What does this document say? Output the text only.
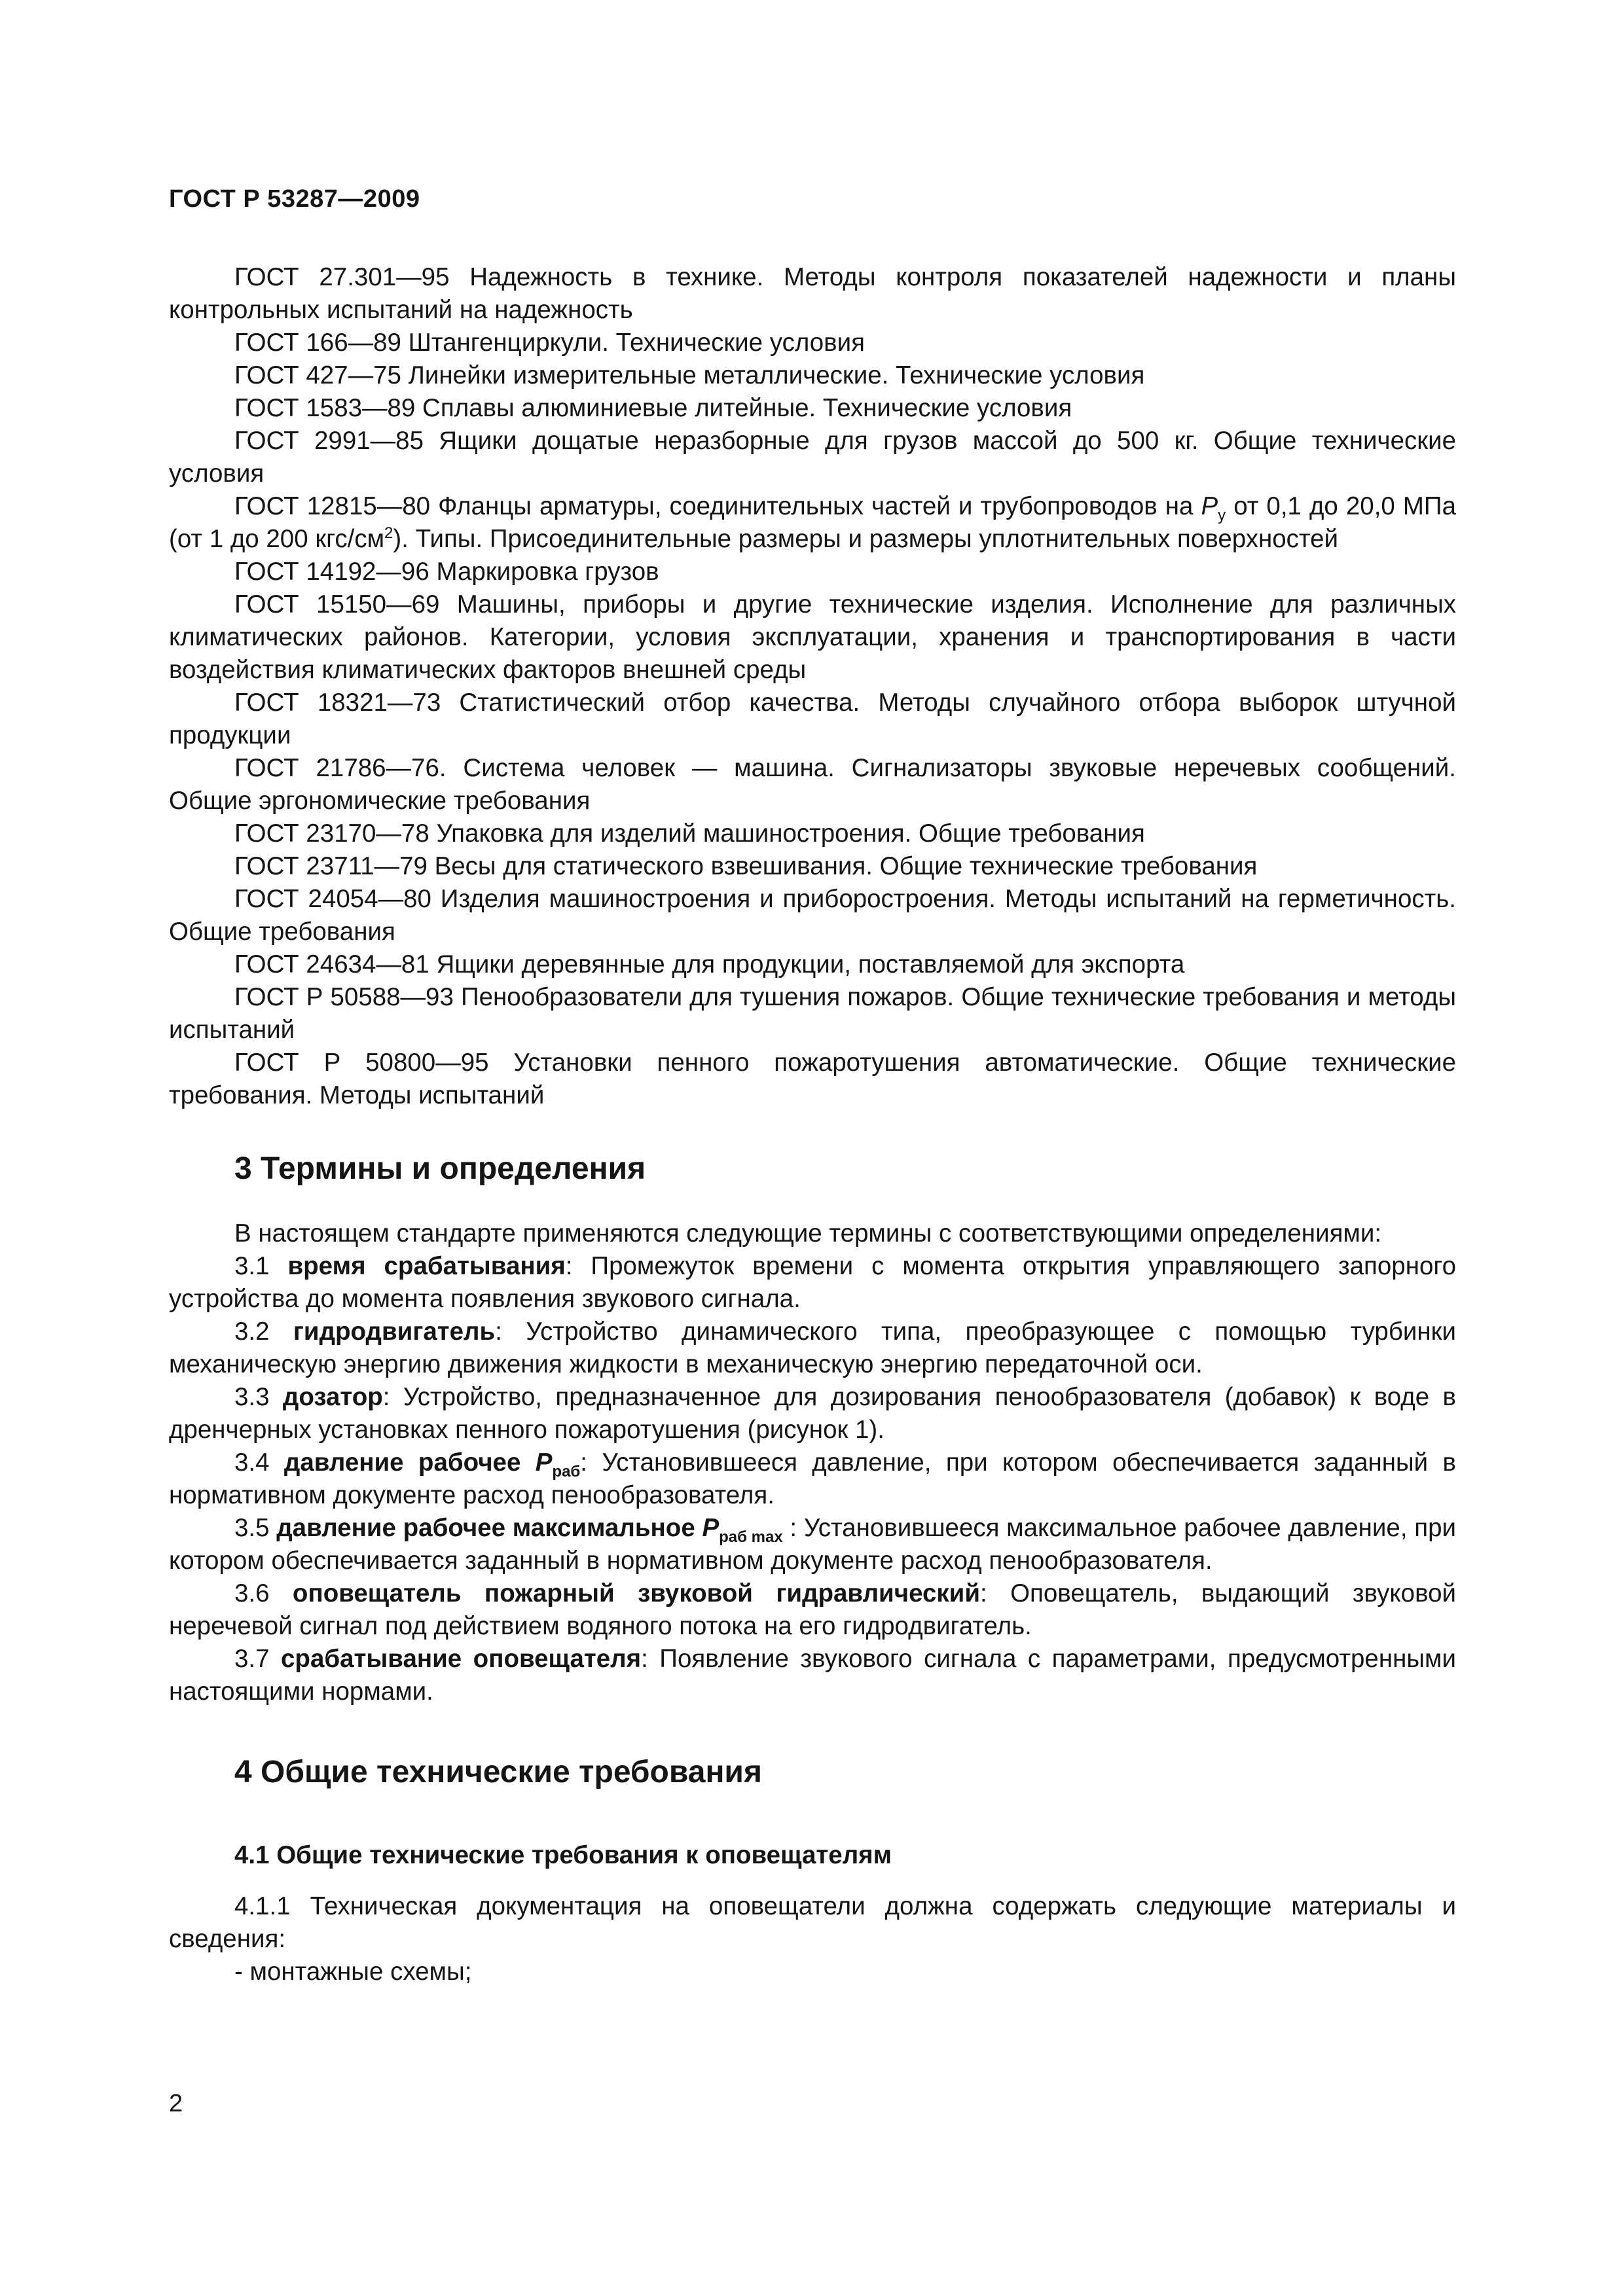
ГОСТ Р 53287—2009

ГОСТ 27.301—95 Надежность в технике. Методы контроля показателей надежности и планы контрольных испытаний на надежность

ГОСТ 166—89 Штангенциркули. Технические условия

ГОСТ 427—75 Линейки измерительные металлические. Технические условия

ГОСТ 1583—89 Сплавы алюминиевые литейные. Технические условия

ГОСТ 2991—85 Ящики дощатые неразборные для грузов массой до 500 кг. Общие технические условия

ГОСТ 12815—80 Фланцы арматуры, соединительных частей и трубопроводов на $P_у$ от 0,1 до 20,0 МПа (от 1 до 200 кгс/$см^2$). Типы. Присоединительные размеры и размеры уплотнительных поверхностей

ГОСТ 14192—96 Маркировка грузов

ГОСТ 15150—69 Машины, приборы и другие технические изделия. Исполнение для различных климатических районов. Категории, условия эксплуатации, хранения и транспортирования в части воздействия климатических факторов внешней среды

ГОСТ 18321—73 Статистический отбор качества. Методы случайного отбора выборок штучной продукции

ГОСТ 21786—76. Система человек — машина. Сигнализаторы звуковые неречевых сообщений. Общие эргономические требования

ГОСТ 23170—78 Упаковка для изделий машиностроения. Общие требования

ГОСТ 23711—79 Весы для статического взвешивания. Общие технические требования

ГОСТ 24054—80 Изделия машиностроения и приборостроения. Методы испытаний на герметичность. Общие требования

ГОСТ 24634—81 Ящики деревянные для продукции, поставляемой для экспорта

ГОСТ Р 50588—93 Пенообразователи для тушения пожаров. Общие технические требования и методы испытаний

ГОСТ Р 50800—95 Установки пенного пожаротушения автоматические. Общие технические требования. Методы испытаний

3 Термины и определения

В настоящем стандарте применяются следующие термины с соответствующими определениями:

3.1 время срабатывания: Промежуток времени с момента открытия управляющего запорного устройства до момента появления звукового сигнала.

3.2 гидродвигатель: Устройство динамического типа, преобразующее с помощью турбинки механическую энергию движения жидкости в механическую энергию передаточной оси.

3.3 дозатор: Устройство, предназначенное для дозирования пенообразователя (добавок) к воде в дренчерных установках пенного пожаротушения (рисунок 1).

3.4 давление рабочее $P_{раб}$: Установившееся давление, при котором обеспечивается заданный в нормативном документе расход пенообразователя.

3.5 давление рабочее максимальное $P_{раб max}$ : Установившееся максимальное рабочее давление, при котором обеспечивается заданный в нормативном документе расход пенообразователя.

3.6 оповещатель пожарный звуковой гидравлический: Оповещатель, выдающий звуковой неречевой сигнал под действием водяного потока на его гидродвигатель.

3.7 срабатывание оповещателя: Появление звукового сигнала с параметрами, предусмотренными настоящими нормами.

4 Общие технические требования
4.1 Общие технические требования к оповещателям

4.1.1 Техническая документация на оповещатели должна содержать следующие материалы и сведения:

- монтажные схемы;

2
